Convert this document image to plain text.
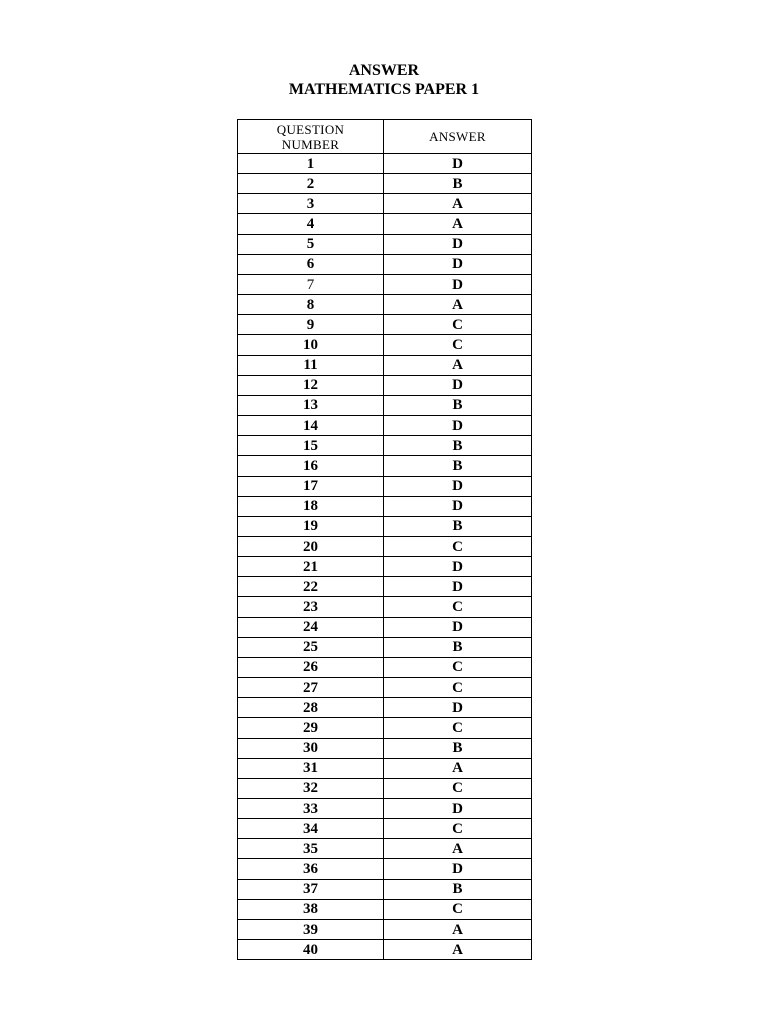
ANSWER
MATHEMATICS PAPER 1
QUESTION
NUMBER	ANSWER
1	D
2	B
3	A
4	A
5	D
6	D
7	D
8	A
9	C
10	C
11	A
12	D
13	B
14	D
15	B
16	B
17	D
18	D
19	B
20	C
21	D
22	D
23	C
24	D
25	B
26	C
27	C
28	D
29	C
30	B
31	A
32	C
33	D
34	C
35	A
36	D
37	B
38	C
39	A
40	A
